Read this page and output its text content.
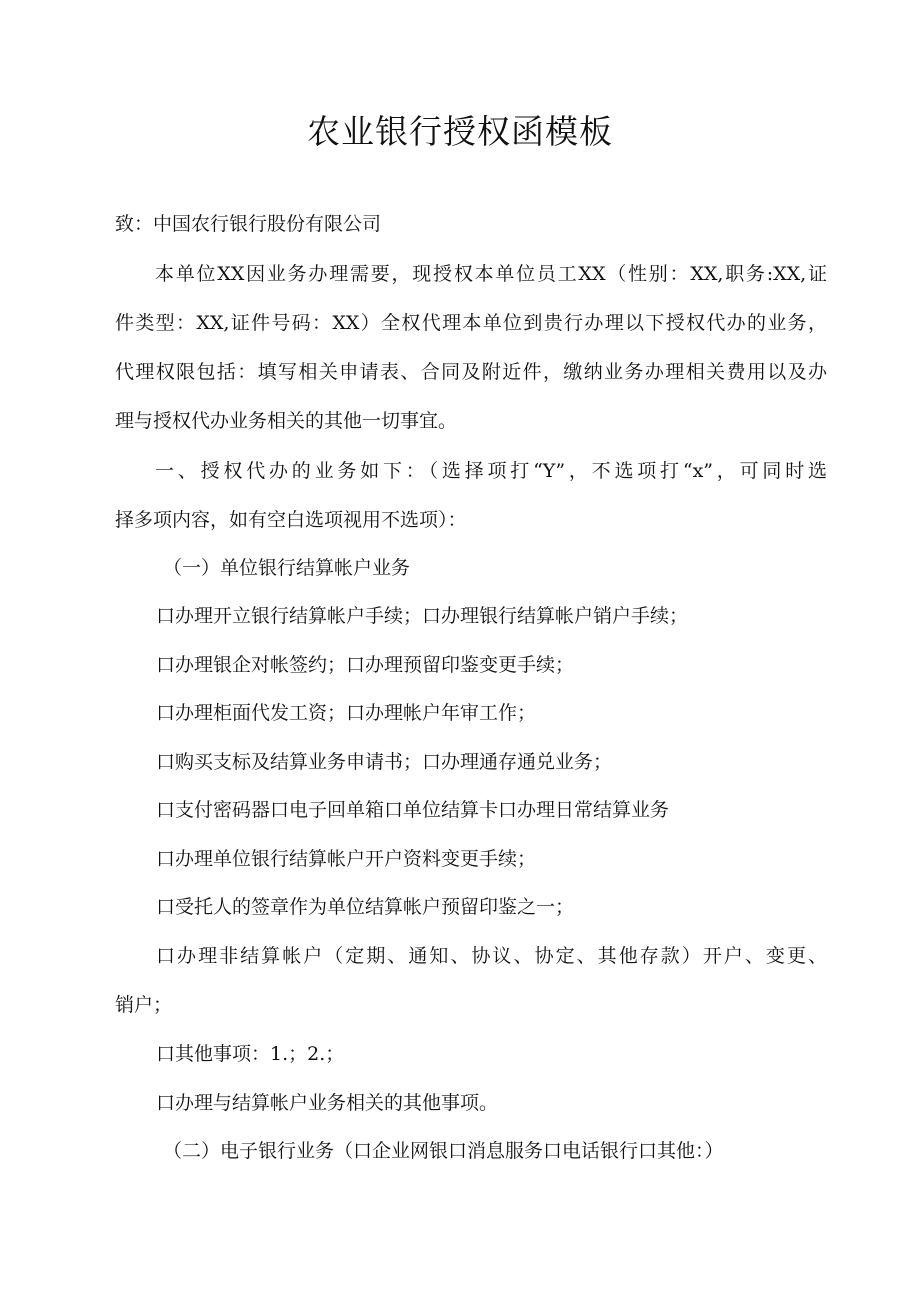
农业银行授权函模板

致：中国农行银行股份有限公司

本单位XX因业务办理需要，现授权本单位员工XX（性别：XX,职务:XX,证

件类型：XX,证件号码：XX）全权代理本单位到贵行办理以下授权代办的业务，

代理权限包括：填写相关申请表、合同及附近件，缴纳业务办理相关费用以及办

理与授权代办业务相关的其他一切事宜。

一、授权代办的业务如下：（选择项打“Y”，不选项打“x”，可同时选

择多项内容，如有空白选项视用不选项）：

（一）单位银行结算帐户业务

口办理开立银行结算帐户手续；口办理银行结算帐户销户手续；

口办理银企对帐签约；口办理预留印鉴变更手续；

口办理柜面代发工资；口办理帐户年审工作；

口购买支标及结算业务申请书；口办理通存通兑业务；

口支付密码器口电子回单箱口单位结算卡口办理日常结算业务

口办理单位银行结算帐户开户资料变更手续；

口受托人的签章作为单位结算帐户预留印鉴之一；

口办理非结算帐户（定期、通知、协议、协定、其他存款）开户、变更、

销户；

口其他事项：1.；2.；

口办理与结算帐户业务相关的其他事项。

（二）电子银行业务（口企业网银口消息服务口电话银行口其他：）
